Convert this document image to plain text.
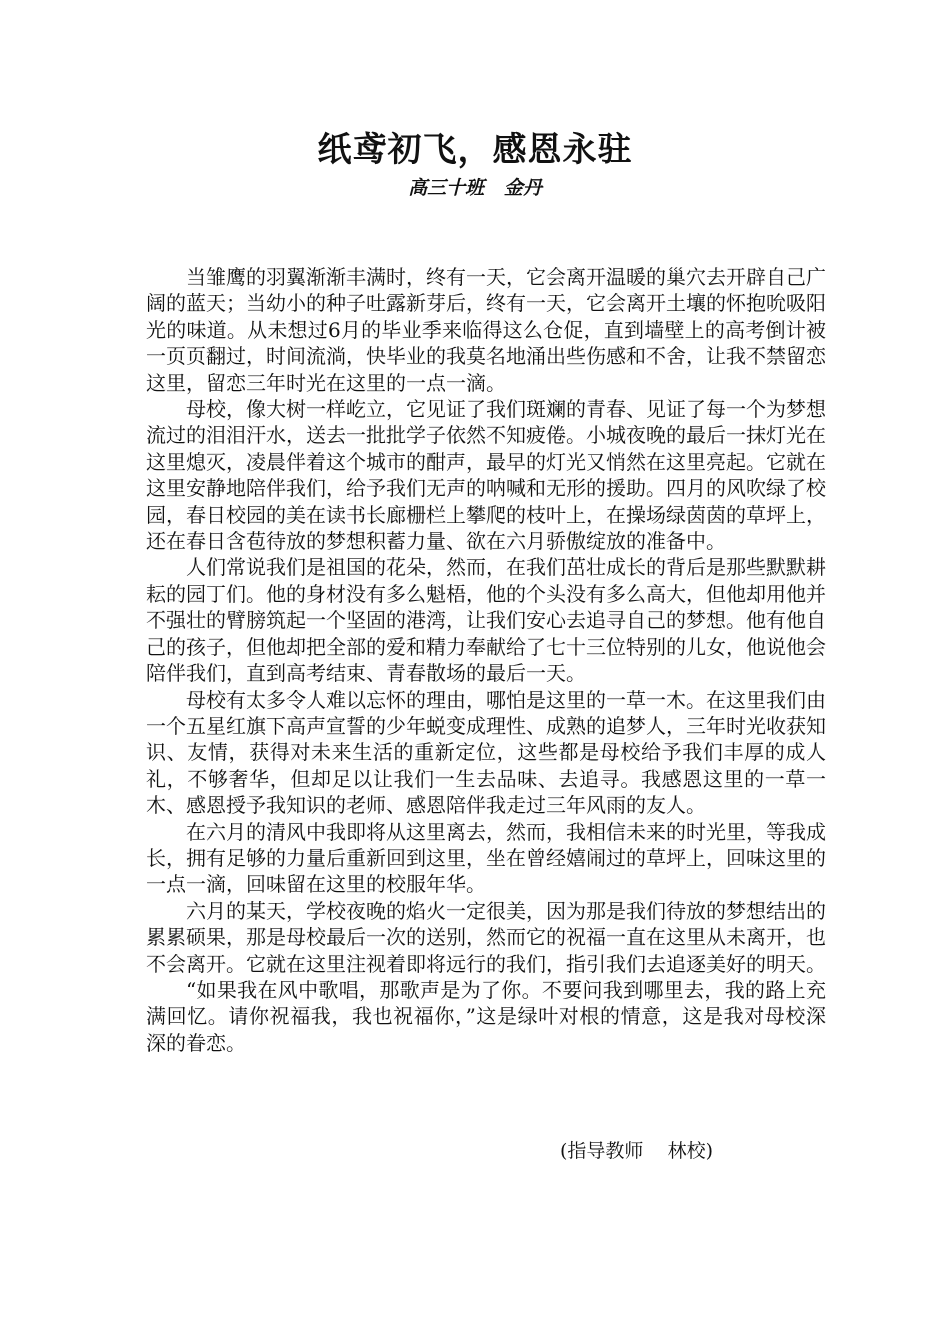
纸鸢初飞，感恩永驻
高三十班   金丹

当雏鹰的羽翼渐渐丰满时，终有一天，它会离开温暖的巢穴去开辟自己广阔的蓝天；当幼小的种子吐露新芽后，终有一天，它会离开土壤的怀抱吮吸阳光的味道。从未想过6月的毕业季来临得这么仓促，直到墙壁上的高考倒计被一页页翻过，时间流淌，快毕业的我莫名地涌出些伤感和不舍，让我不禁留恋这里，留恋三年时光在这里的一点一滴。

母校，像大树一样屹立，它见证了我们斑斓的青春、见证了每一个为梦想流过的泪泪汗水，送去一批批学子依然不知疲倦。小城夜晚的最后一抹灯光在这里熄灭，凌晨伴着这个城市的酣声，最早的灯光又悄然在这里亮起。它就在这里安静地陪伴我们，给予我们无声的呐喊和无形的援助。四月的风吹绿了校园，春日校园的美在读书长廊栅栏上攀爬的枝叶上，在操场绿茵茵的草坪上，还在春日含苞待放的梦想积蓄力量、欲在六月骄傲绽放的准备中。

人们常说我们是祖国的花朵，然而，在我们茁壮成长的背后是那些默默耕耘的园丁们。他的身材没有多么魁梧，他的个头没有多么高大，但他却用他并不强壮的臂膀筑起一个坚固的港湾，让我们安心去追寻自己的梦想。他有他自己的孩子，但他却把全部的爱和精力奉献给了七十三位特别的儿女，他说他会陪伴我们，直到高考结束、青春散场的最后一天。

母校有太多令人难以忘怀的理由，哪怕是这里的一草一木。在这里我们由一个五星红旗下高声宣誓的少年蜕变成理性、成熟的追梦人，三年时光收获知识、友情，获得对未来生活的重新定位，这些都是母校给予我们丰厚的成人礼，不够奢华，但却足以让我们一生去品味、去追寻。我感恩这里的一草一木、感恩授予我知识的老师、感恩陪伴我走过三年风雨的友人。

在六月的清风中我即将从这里离去，然而，我相信未来的时光里，等我成长，拥有足够的力量后重新回到这里，坐在曾经嬉闹过的草坪上，回味这里的一点一滴，回味留在这里的校服年华。

六月的某天，学校夜晚的焰火一定很美，因为那是我们待放的梦想结出的累累硕果，那是母校最后一次的送别，然而它的祝福一直在这里从未离开，也不会离开。它就在这里注视着即将远行的我们，指引我们去追逐美好的明天。

“如果我在风中歌唱，那歌声是为了你。不要问我到哪里去，我的路上充满回忆。请你祝福我，我也祝福你，”这是绿叶对根的情意，这是我对母校深深的眷恋。

(指导教师    林校)
